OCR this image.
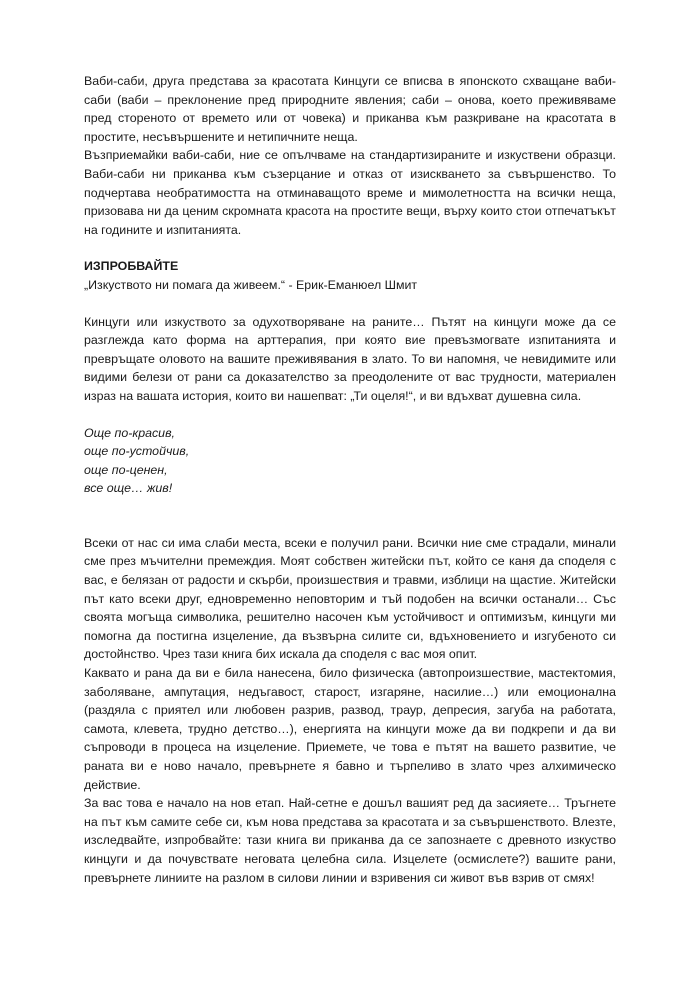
Ваби-саби, друга представа за красотата Кинцуги се вписва в японското схващане ваби-саби (ваби – преклонение пред природните явления; саби – онова, което преживяваме пред стореното от времето или от човека) и приканва към разкриване на красотата в простите, несъвършените и нетипичните неща.

Възприемайки ваби-саби, ние се опълчваме на стандартизираните и изкуствени образци. Ваби-саби ни приканва към съзерцание и отказ от изискването за съвършенство. То подчертава необратимостта на отминаващото време и мимолетността на всички неща, призовава ни да ценим скромната красота на простите вещи, върху които стои отпечатъкът на годините и изпитанията.

ИЗПРОБВАЙТЕ

„Изкуството ни помага да живеем.“ - Ерик-Еманюел Шмит

Кинцуги или изкуството за одухотворяване на раните… Пътят на кинцуги може да се разглежда като форма на арттерапия, при която вие превъзмогвате изпитанията и превръщате оловото на вашите преживявания в злато. То ви напомня, че невидимите или видими белези от рани са доказателство за преодолените от вас трудности, материален израз на вашата история, които ви нашепват: „Ти оцеля!“, и ви вдъхват душевна сила.

Още по-красив,

още по-устойчив,

още по-ценен,

все още… жив!

Всеки от нас си има слаби места, всеки е получил рани. Всички ние сме страдали, минали сме през мъчителни премеждия. Моят собствен житейски път, който се каня да споделя с вас, е белязан от радости и скърби, произшествия и травми, изблици на щастие. Житейски път като всеки друг, едновременно неповторим и тъй подобен на всички останали… Със своята могъща символика, решително насочен към устойчивост и оптимизъм, кинцуги ми помогна да постигна изцеление, да възвърна силите си, вдъхновението и изгубеното си достойнство. Чрез тази книга бих искала да споделя с вас моя опит.

Каквато и рана да ви е била нанесена, било физическа (автопроизшествие, мастектомия, заболяване, ампутация, недъгавост, старост, изгаряне, насилие…) или емоционална (раздяла с приятел или любовен разрив, развод, траур, депресия, загуба на работата, самота, клевета, трудно детство…), енергията на кинцуги може да ви подкрепи и да ви съпроводи в процеса на изцеление. Приемете, че това е пътят на вашето развитие, че раната ви е ново начало, превърнете я бавно и търпеливо в злато чрез алхимическо действие.

За вас това е начало на нов етап. Най-сетне е дошъл вашият ред да засияете… Тръгнете на път към самите себе си, към нова представа за красотата и за съвършенството. Влезте, изследвайте, изпробвайте: тази книга ви приканва да се запознаете с древното изкуство кинцуги и да почувствате неговата целебна сила. Изцелете (осмислете?) вашите рани, превърнете линиите на разлом в силови линии и взривения си живот във взрив от смях!
